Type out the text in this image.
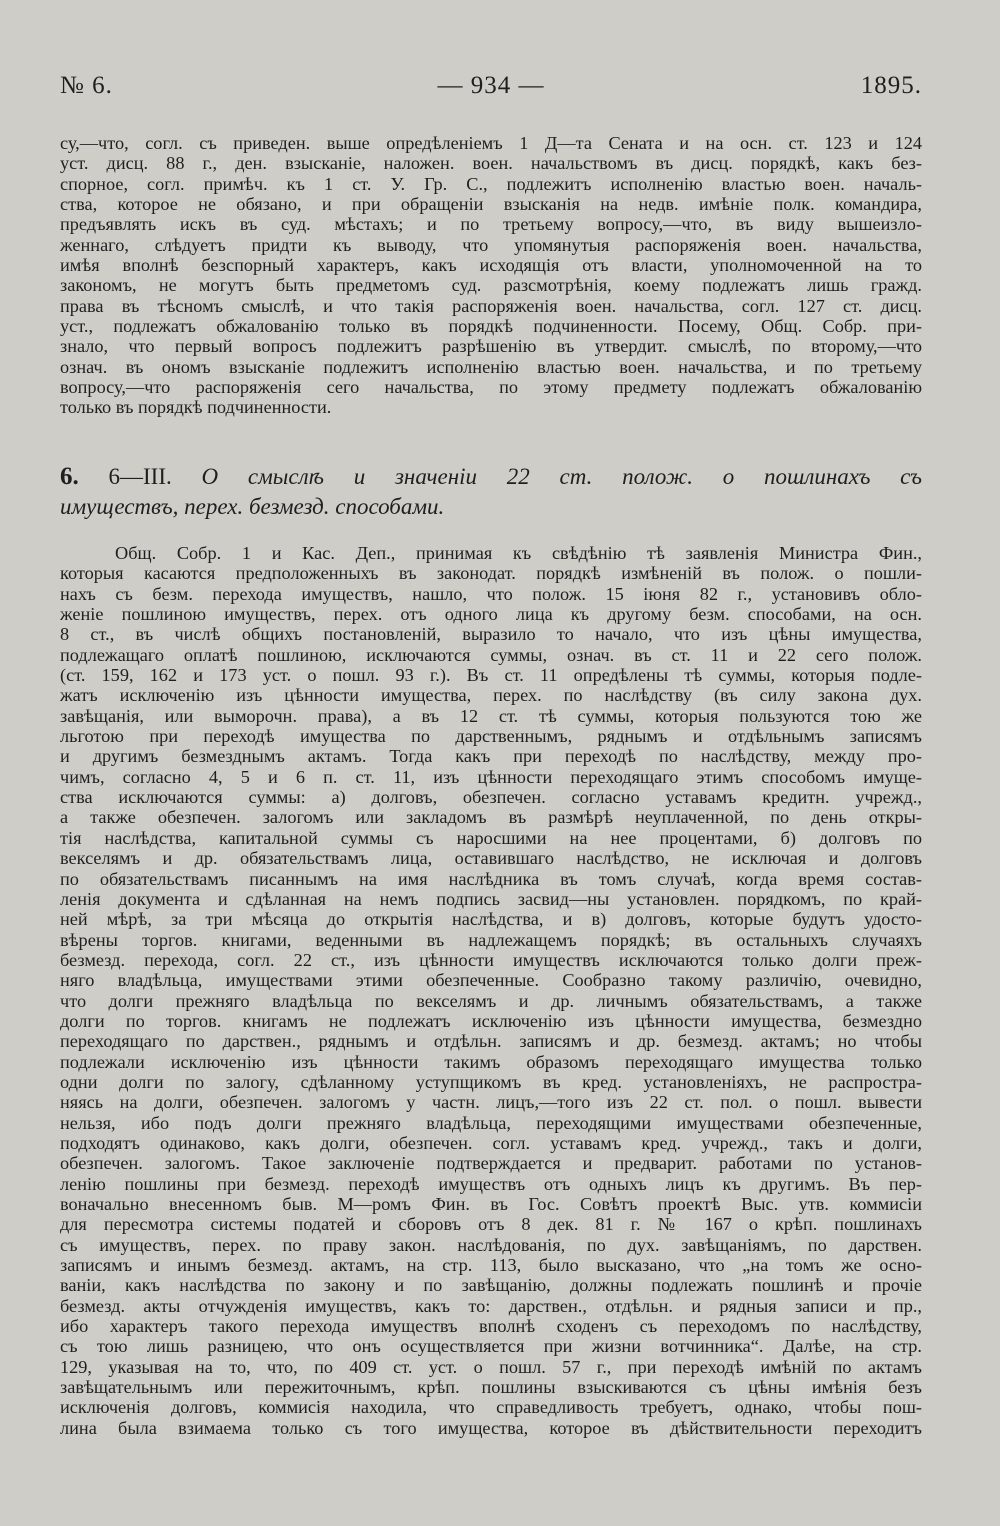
№ 6.	— 934 —	1895.
су,—что, согл. съ приведен. выше опредѣленіемъ 1 Д—та Сената и на осн. ст. 123 и 124
уст. дисц. 88 г., ден. взысканіе, наложен. воен. начальствомъ въ дисц. порядкѣ, какъ без-
спорное, согл. примѣч. къ 1 ст. У. Гр. С., подлежитъ исполненію властью воен. началь-
ства, которое не обязано, и при обращеніи взысканія на недв. имѣніе полк. командира,
предъявлять искъ въ суд. мѣстахъ; и по третьему вопросу,—что, въ виду вышеизло-
женнаго, слѣдуетъ придти къ выводу, что упомянутыя распоряженія воен. начальства,
имѣя вполнѣ безспорный характеръ, какъ исходящія отъ власти, уполномоченной на то
закономъ, не могутъ быть предметомъ суд. разсмотрѣнія, коему подлежатъ лишь гражд.
права въ тѣсномъ смыслѣ, и что такія распоряженія воен. начальства, согл. 127 ст. дисц.
уст., подлежатъ обжалованію только въ порядкѣ подчиненности. Посему, Общ. Собр. при-
знало, что первый вопросъ подлежитъ разрѣшенію въ утвердит. смыслѣ, по второму,—что
означ. въ ономъ взысканіе подлежитъ исполненію властью воен. начальства, и по третьему
вопросу,—что распоряженія сего начальства, по этому предмету подлежатъ обжалованію
только въ порядкѣ подчиненности.
6. 6—III. О смыслѣ и значеніи 22 ст. полож. о пошлинахъ съ
имуществъ, перех. безмезд. способами.
Общ. Собр. 1 и Кас. Деп., принимая къ свѣдѣнію тѣ заявленія Министра Фин.,
которыя касаются предположенныхъ въ законодат. порядкѣ измѣненій въ полож. о пошли-
нахъ съ безм. перехода имуществъ, нашло, что полож. 15 іюня 82 г., установивъ обло-
женіе пошлиною имуществъ, перех. отъ одного лица къ другому безм. способами, на осн.
8 ст., въ числѣ общихъ постановленій, выразило то начало, что изъ цѣны имущества,
подлежащаго оплатѣ пошлиною, исключаются суммы, означ. въ ст. 11 и 22 сего полож.
(ст. 159, 162 и 173 уст. о пошл. 93 г.). Въ ст. 11 опредѣлены тѣ суммы, которыя подле-
жатъ исключенію изъ цѣнности имущества, перех. по наслѣдству (въ силу закона дух.
завѣщанія, или выморочн. права), а въ 12 ст. тѣ суммы, которыя пользуются тою же
льготою при переходѣ имущества по дарственнымъ, ряднымъ и отдѣльнымъ записямъ
и другимъ безмезднымъ актамъ. Тогда какъ при переходѣ по наслѣдству, между про-
чимъ, согласно 4, 5 и 6 п. ст. 11, изъ цѣнности переходящаго этимъ способомъ имуще-
ства исключаются суммы: а) долговъ, обезпечен. согласно уставамъ кредитн. учрежд.,
а также обезпечен. залогомъ или закладомъ въ размѣрѣ неуплаченной, по день откры-
тія наслѣдства, капитальной суммы съ наросшими на нее процентами, б) долговъ по
векселямъ и др. обязательствамъ лица, оставившаго наслѣдство, не исключая и долговъ
по обязательствамъ писаннымъ на имя наслѣдника въ томъ случаѣ, когда время состав-
ленія документа и сдѣланная на немъ подпись засвид—ны установлен. порядкомъ, по край-
ней мѣрѣ, за три мѣсяца до открытія наслѣдства, и в) долговъ, которые будутъ удосто-
вѣрены торгов. книгами, веденными въ надлежащемъ порядкѣ; въ остальныхъ случаяхъ
безмезд. перехода, согл. 22 ст., изъ цѣнности имуществъ исключаются только долги преж-
няго владѣльца, имуществами этими обезпеченные. Сообразно такому различію, очевидно,
что долги прежняго владѣльца по векселямъ и др. личнымъ обязательствамъ, а также
долги по торгов. книгамъ не подлежатъ исключенію изъ цѣнности имущества, безмездно
переходящаго по дарствен., ряднымъ и отдѣльн. записямъ и др. безмезд. актамъ; но чтобы
подлежали исключенію изъ цѣнности такимъ образомъ переходящаго имущества только
одни долги по залогу, сдѣланному уступщикомъ въ кред. установленіяхъ, не распростра-
няясь на долги, обезпечен. залогомъ у частн. лицъ,—того изъ 22 ст. пол. о пошл. вывести
нельзя, ибо подъ долги прежняго владѣльца, переходящими имуществами обезпеченные,
подходятъ одинаково, какъ долги, обезпечен. согл. уставамъ кред. учрежд., такъ и долги,
обезпечен. залогомъ. Такое заключеніе подтверждается и предварит. работами по установ-
ленію пошлины при безмезд. переходѣ имуществъ отъ одныхъ лицъ къ другимъ. Въ пер-
воначально внесенномъ быв. М—ромъ Фин. въ Гос. Совѣтъ проектѣ Выс. утв. коммисіи
для пересмотра системы податей и сборовъ отъ 8 дек. 81 г. № 167 о крѣп. пошлинахъ
съ имуществъ, перех. по праву закон. наслѣдованія, по дух. завѣщаніямъ, по дарствен.
записямъ и инымъ безмезд. актамъ, на стр. 113, было высказано, что „на томъ же осно-
ваніи, какъ наслѣдства по закону и по завѣщанію, должны подлежать пошлинѣ и прочіе
безмезд. акты отчужденія имуществъ, какъ то: дарствен., отдѣльн. и рядныя записи и пр.,
ибо характеръ такого перехода имуществъ вполнѣ сходенъ съ переходомъ по наслѣдству,
съ тою лишь разницею, что онъ осуществляется при жизни вотчинника“. Далѣе, на стр.
129, указывая на то, что, по 409 ст. уст. о пошл. 57 г., при переходѣ имѣній по актамъ
завѣщательнымъ или пережиточнымъ, крѣп. пошлины взыскиваются съ цѣны имѣнія безъ
исключенія долговъ, коммисія находила, что справедливость требуетъ, однако, чтобы пош-
лина была взимаема только съ того имущества, которое въ дѣйствительности переходитъ
